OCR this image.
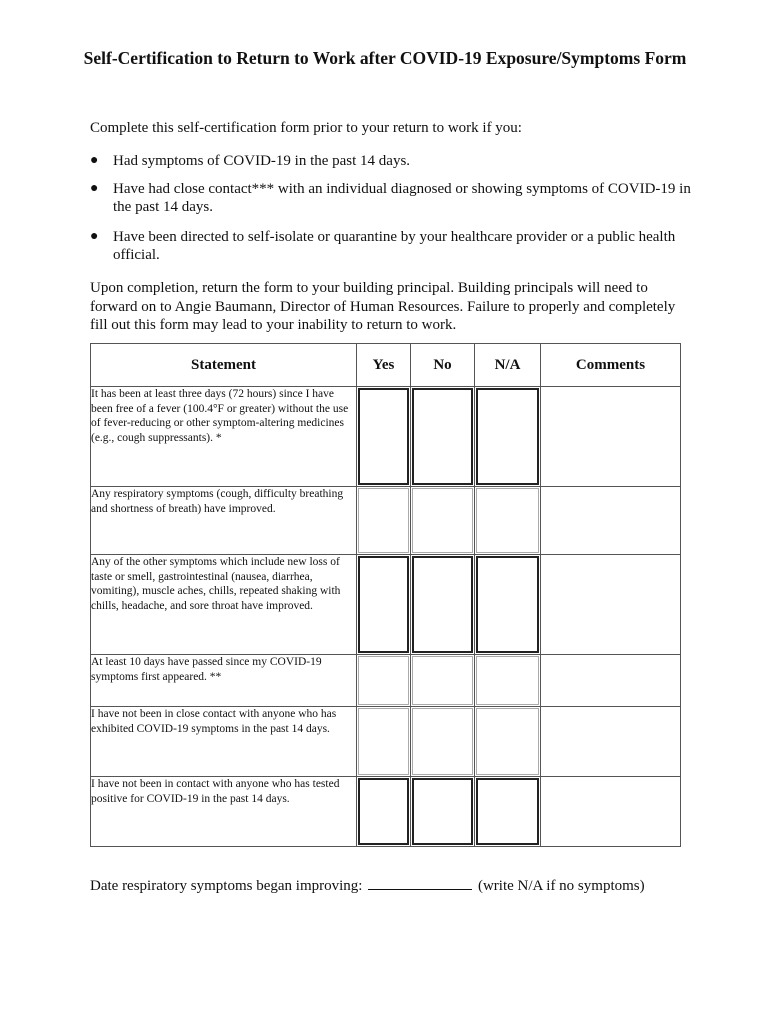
Self-Certification to Return to Work after COVID-19 Exposure/Symptoms Form
Complete this self-certification form prior to your return to work if you:
● Had symptoms of COVID-19 in the past 14 days.
● Have had close contact*** with an individual diagnosed or showing symptoms of COVID-19 in the past 14 days.
● Have been directed to self-isolate or quarantine by your healthcare provider or a public health official.
Upon completion, return the form to your building principal. Building principals will need to forward on to Angie Baumann, Director of Human Resources. Failure to properly and completely fill out this form may lead to your inability to return to work.
Statement	Yes	No	N/A	Comments
It has been at least three days (72 hours) since I have been free of a fever (100.4°F or greater) without the use of fever-reducing or other symptom-altering medicines (e.g., cough suppressants). *	

Any respiratory symptoms (cough, difficulty breathing and shortness of breath) have improved.	

Any of the other symptoms which include new loss of taste or smell, gastrointestinal (nausea, diarrhea, vomiting), muscle aches, chills, repeated shaking with chills, headache, and sore throat have improved.	

At least 10 days have passed since my COVID-19 symptoms first appeared. **	

I have not been in close contact with anyone who has exhibited COVID-19 symptoms in the past 14 days.	

I have not been in contact with anyone who has tested positive for COVID-19 in the past 14 days.	

Date respiratory symptoms began improving:	(write N/A if no symptoms)
